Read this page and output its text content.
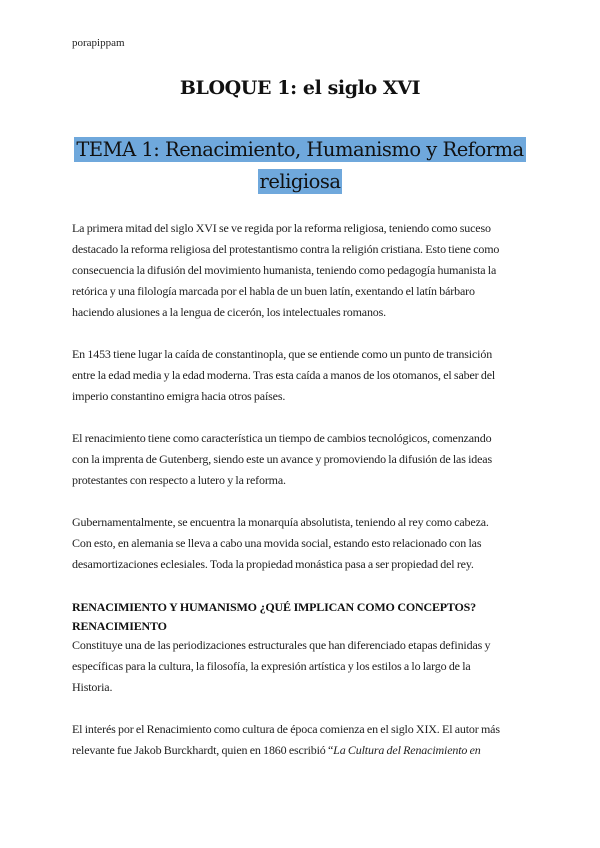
porapippam
BLOQUE 1: el siglo XVI
TEMA 1: Renacimiento, Humanismo y Reforma
religiosa
La primera mitad del siglo XVI se ve regida por la reforma religiosa, teniendo como suceso
destacado la reforma religiosa del protestantismo contra la religión cristiana. Esto tiene como
consecuencia la difusión del movimiento humanista, teniendo como pedagogía humanista la
retórica y una filología marcada por el habla de un buen latín, exentando el latín bárbaro
haciendo alusiones a la lengua de cicerón, los intelectuales romanos.
En 1453 tiene lugar la caída de constantinopla, que se entiende como un punto de transición
entre la edad media y la edad moderna. Tras esta caída a manos de los otomanos, el saber del
imperio constantino emigra hacia otros países.
El renacimiento tiene como característica un tiempo de cambios tecnológicos, comenzando
con la imprenta de Gutenberg, siendo este un avance y promoviendo la difusión de las ideas
protestantes con respecto a lutero y la reforma.
Gubernamentalmente, se encuentra la monarquía absolutista, teniendo al rey como cabeza.
Con esto, en alemania se lleva a cabo una movida social, estando esto relacionado con las
desamortizaciones eclesiales. Toda la propiedad monástica pasa a ser propiedad del rey.
RENACIMIENTO Y HUMANISMO ¿QUÉ IMPLICAN COMO CONCEPTOS?
RENACIMIENTO
Constituye una de las periodizaciones estructurales que han diferenciado etapas definidas y
específicas para la cultura, la filosofía, la expresión artística y los estilos a lo largo de la
Historia.
El interés por el Renacimiento como cultura de época comienza en el siglo XIX. El autor más
relevante fue Jakob Burckhardt, quien en 1860 escribió “La Cultura del Renacimiento en
